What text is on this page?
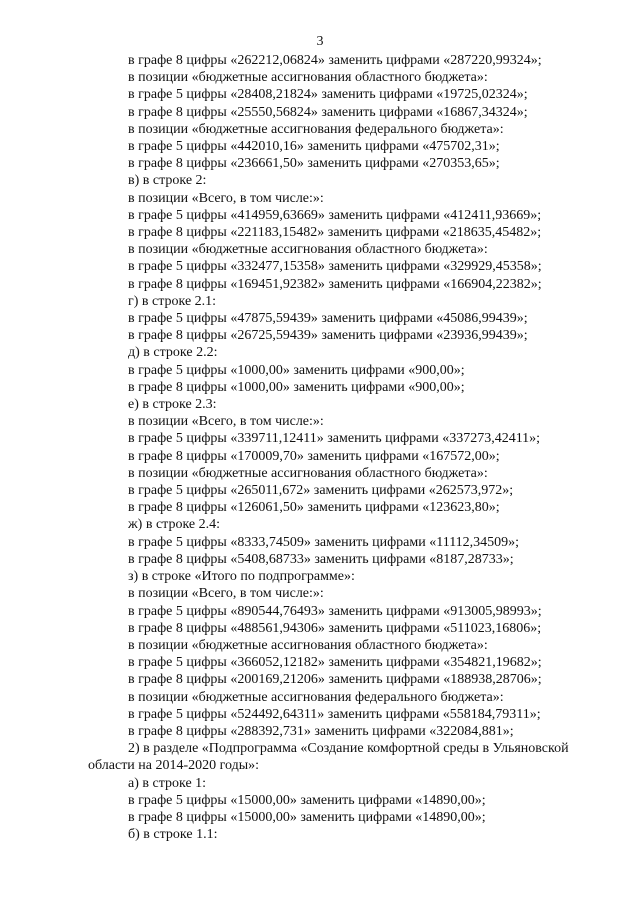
3
в графе 8 цифры «262212,06824» заменить цифрами «287220,99324»;
в позиции «бюджетные ассигнования областного бюджета»:
в графе 5 цифры «28408,21824» заменить цифрами «19725,02324»;
в графе 8 цифры «25550,56824» заменить цифрами «16867,34324»;
в позиции «бюджетные ассигнования федерального бюджета»:
в графе 5 цифры «442010,16» заменить цифрами «475702,31»;
в графе 8 цифры «236661,50» заменить цифрами «270353,65»;
в) в строке 2:
в позиции «Всего, в том числе:»:
в графе 5 цифры «414959,63669» заменить цифрами «412411,93669»;
в графе 8 цифры «221183,15482» заменить цифрами «218635,45482»;
в позиции «бюджетные ассигнования областного бюджета»:
в графе 5 цифры «332477,15358» заменить цифрами «329929,45358»;
в графе 8 цифры «169451,92382» заменить цифрами «166904,22382»;
г) в строке 2.1:
в графе 5 цифры «47875,59439» заменить цифрами «45086,99439»;
в графе 8 цифры «26725,59439» заменить цифрами «23936,99439»;
д) в строке 2.2:
в графе 5 цифры «1000,00» заменить цифрами «900,00»;
в графе 8 цифры «1000,00» заменить цифрами «900,00»;
е) в строке 2.3:
в позиции «Всего, в том числе:»:
в графе 5 цифры «339711,12411» заменить цифрами «337273,42411»;
в графе 8 цифры «170009,70» заменить цифрами «167572,00»;
в позиции «бюджетные ассигнования областного бюджета»:
в графе 5 цифры «265011,672» заменить цифрами «262573,972»;
в графе 8 цифры «126061,50» заменить цифрами «123623,80»;
ж) в строке 2.4:
в графе 5 цифры «8333,74509» заменить цифрами «11112,34509»;
в графе 8 цифры «5408,68733» заменить цифрами «8187,28733»;
з) в строке «Итого по подпрограмме»:
в позиции «Всего, в том числе:»:
в графе 5 цифры «890544,76493» заменить цифрами «913005,98993»;
в графе 8 цифры «488561,94306» заменить цифрами «511023,16806»;
в позиции «бюджетные ассигнования областного бюджета»:
в графе 5 цифры «366052,12182» заменить цифрами «354821,19682»;
в графе 8 цифры «200169,21206» заменить цифрами «188938,28706»;
в позиции «бюджетные ассигнования федерального бюджета»:
в графе 5 цифры «524492,64311» заменить цифрами «558184,79311»;
в графе 8 цифры «288392,731» заменить цифрами «322084,881»;
2) в разделе «Подпрограмма «Создание комфортной среды в Ульяновской
области на 2014-2020 годы»:
а) в строке 1:
в графе 5 цифры «15000,00» заменить цифрами «14890,00»;
в графе 8 цифры «15000,00» заменить цифрами «14890,00»;
б) в строке 1.1:
